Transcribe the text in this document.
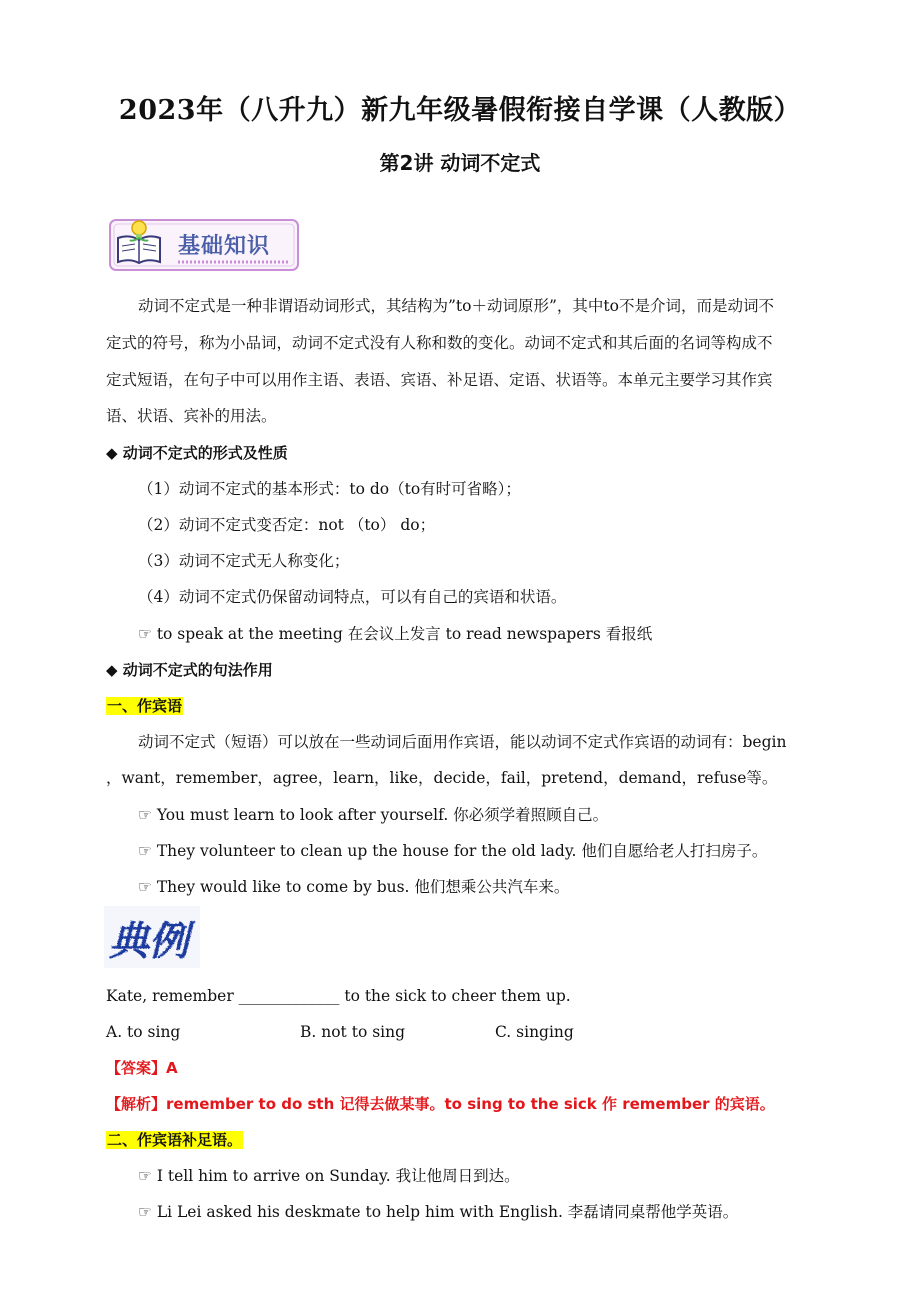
2023年（八升九）新九年级暑假衔接自学课（人教版）
第2讲 动词不定式
基础知识
动词不定式是一种非谓语动词形式，其结构为”to＋动词原形”，其中to不是介词，而是动词不
定式的符号，称为小品词，动词不定式没有人称和数的变化。动词不定式和其后面的名词等构成不
定式短语，在句子中可以用作主语、表语、宾语、补足语、定语、状语等。本单元主要学习其作宾
语、状语、宾补的用法。
◆ 动词不定式的形式及性质
（1）动词不定式的基本形式：to do（to有时可省略）；
（2）动词不定式变否定：not （to） do；
（3）动词不定式无人称变化；
（4）动词不定式仍保留动词特点，可以有自己的宾语和状语。
☞ to speak at the meeting 在会议上发言 to read newspapers 看报纸
◆ 动词不定式的句法作用
一、作宾语
动词不定式（短语）可以放在一些动词后面用作宾语，能以动词不定式作宾语的动词有：begin
，want，remember，agree，learn，like，decide，fail，pretend，demand，refuse等。
☞ You must learn to look after yourself. 你必须学着照顾自己。
☞ They volunteer to clean up the house for the old lady. 他们自愿给老人打扫房子。
☞ They would like to come by bus. 他们想乘公共汽车来。
典例
Kate, remember _____________ to the sick to cheer them up.
A. to sing	B. not to sing	C. singing
【答案】A
【解析】remember to do sth 记得去做某事。to sing to the sick 作 remember 的宾语。
二、作宾语补足语。
☞ I tell him to arrive on Sunday. 我让他周日到达。
☞ Li Lei asked his deskmate to help him with English. 李磊请同桌帮他学英语。
